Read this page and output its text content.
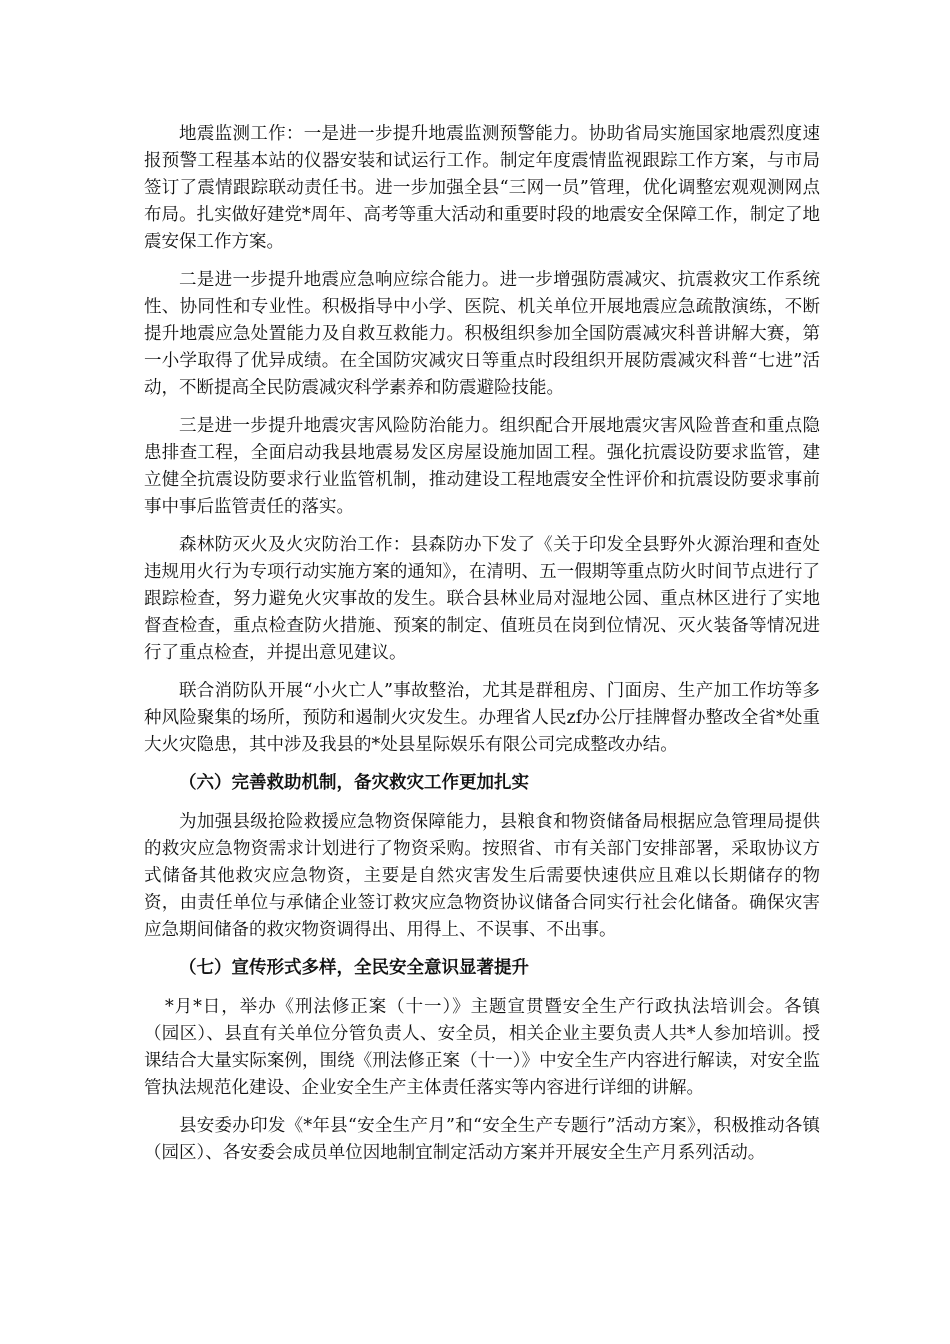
地震监测工作：一是进一步提升地震监测预警能力。协助省局实施国家地震烈度速报预警工程基本站的仪器安装和试运行工作。制定年度震情监视跟踪工作方案，与市局签订了震情跟踪联动责任书。进一步加强全县“三网一员”管理，优化调整宏观观测网点布局。扎实做好建党*周年、高考等重大活动和重要时段的地震安全保障工作，制定了地震安保工作方案。

二是进一步提升地震应急响应综合能力。进一步增强防震减灾、抗震救灾工作系统性、协同性和专业性。积极指导中小学、医院、机关单位开展地震应急疏散演练，不断提升地震应急处置能力及自救互救能力。积极组织参加全国防震减灾科普讲解大赛，第一小学取得了优异成绩。在全国防灾减灾日等重点时段组织开展防震减灾科普“七进”活动，不断提高全民防震减灾科学素养和防震避险技能。

三是进一步提升地震灾害风险防治能力。组织配合开展地震灾害风险普查和重点隐患排查工程，全面启动我县地震易发区房屋设施加固工程。强化抗震设防要求监管，建立健全抗震设防要求行业监管机制，推动建设工程地震安全性评价和抗震设防要求事前事中事后监管责任的落实。

森林防灭火及火灾防治工作：县森防办下发了《关于印发全县野外火源治理和查处违规用火行为专项行动实施方案的通知》，在清明、五一假期等重点防火时间节点进行了跟踪检查，努力避免火灾事故的发生。联合县林业局对湿地公园、重点林区进行了实地督查检查，重点检查防火措施、预案的制定、值班员在岗到位情况、灭火装备等情况进行了重点检查，并提出意见建议。

联合消防队开展“小火亡人”事故整治，尤其是群租房、门面房、生产加工作坊等多种风险聚集的场所，预防和遏制火灾发生。办理省人民zf办公厅挂牌督办整改全省*处重大火灾隐患，其中涉及我县的*处县星际娱乐有限公司完成整改办结。

（六）完善救助机制，备灾救灾工作更加扎实

为加强县级抢险救援应急物资保障能力，县粮食和物资储备局根据应急管理局提供的救灾应急物资需求计划进行了物资采购。按照省、市有关部门安排部署，采取协议方式储备其他救灾应急物资，主要是自然灾害发生后需要快速供应且难以长期储存的物资，由责任单位与承储企业签订救灾应急物资协议储备合同实行社会化储备。确保灾害应急期间储备的救灾物资调得出、用得上、不误事、不出事。

（七）宣传形式多样，全民安全意识显著提升

*月*日，举办《刑法修正案（十一）》主题宣贯暨安全生产行政执法培训会。各镇（园区）、县直有关单位分管负责人、安全员，相关企业主要负责人共*人参加培训。授课结合大量实际案例，围绕《刑法修正案（十一）》中安全生产内容进行解读，对安全监管执法规范化建设、企业安全生产主体责任落实等内容进行详细的讲解。

县安委办印发《*年县“安全生产月”和“安全生产专题行”活动方案》，积极推动各镇（园区）、各安委会成员单位因地制宜制定活动方案并开展安全生产月系列活动。
